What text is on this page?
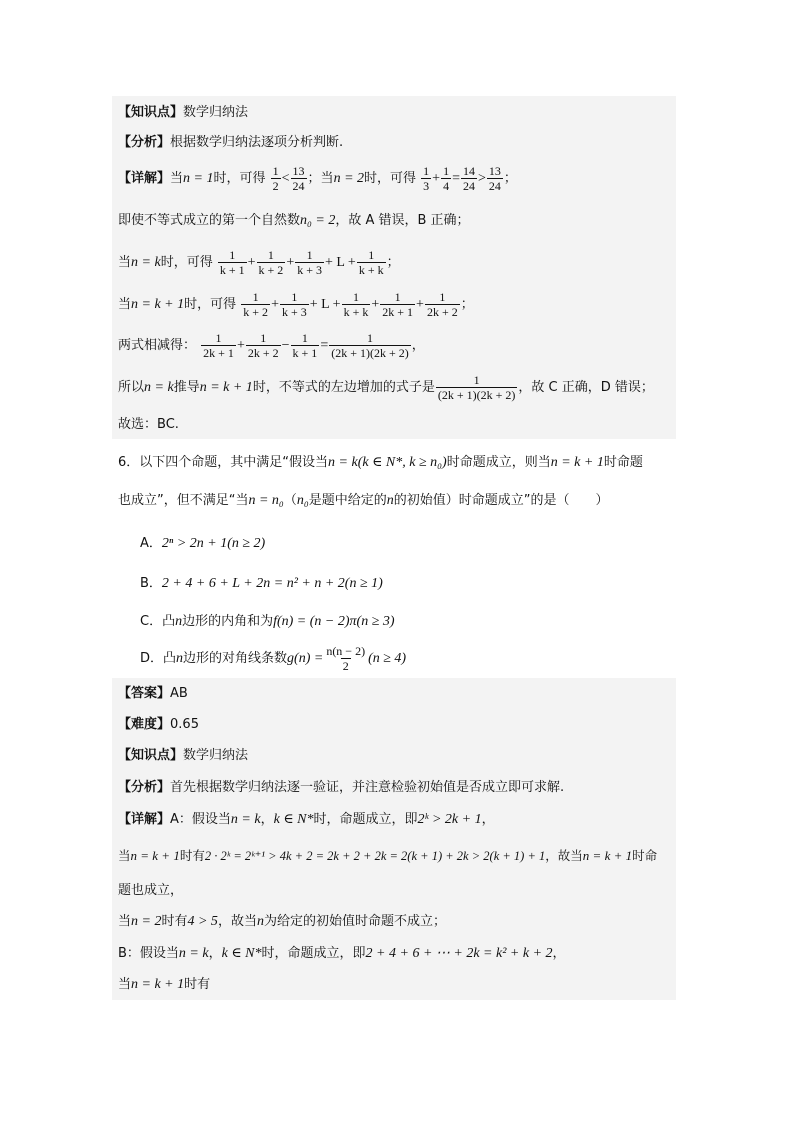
【知识点】数学归纳法
【分析】根据数学归纳法逐项分析判断.
【详解】当n = 1时，可得 $\frac{1}{2} < \frac{13}{24}$ ；当n = 2时，可得 $\frac{1}{3} + \frac{1}{4} = \frac{14}{24} > \frac{13}{24}$ ；
即使不等式成立的第一个自然数n₀ = 2，故 A 错误，B 正确；
当n = k时，可得 $\frac{1}{k + 1} + \frac{1}{k + 2} + \frac{1}{k + 3} + L + \frac{1}{k + k}$ ；
当n = k + 1时，可得 $\frac{1}{k + 2} + \frac{1}{k + 3} + L + \frac{1}{k + k} + \frac{1}{2k + 1} + \frac{1}{2k + 2}$ ；
两式相减得： $\frac{1}{2k + 1} + \frac{1}{2k + 2} - \frac{1}{k + 1} = \frac{1}{(2k + 1)(2k + 2)}$ ，
所以n = k推导n = k + 1时，不等式的左边增加的式子是 $\frac{1}{(2k + 1)(2k + 2)}$ ，故 C 正确，D 错误；
故选：BC.
6．以下四个命题，其中满足“假设当n = k(k ∈ N*, k ≥ n₀)时命题成立，则当n = k + 1时命题
也成立”，但不满足“当n = n₀（n₀是题中给定的n的初始值）时命题成立”的是（　　）
A．2ⁿ > 2n + 1(n ≥ 2)
B．2 + 4 + 6 + L + 2n = n² + n + 2(n ≥ 1)
C．凸n边形的内角和为f(n) = (n − 2)π(n ≥ 3)
D．凸n边形的对角线条数$g(n) = \frac{n(n - 2)}{2} (n \ge 4)$
【答案】AB
【难度】0.65
【知识点】数学归纳法
【分析】首先根据数学归纳法逐一验证，并注意检验初始值是否成立即可求解.
【详解】A：假设当n = k，k ∈ N*时，命题成立，即2ᵏ > 2k + 1，
当n = k + 1时有2 · 2ᵏ = 2ᵏ⁺¹ > 4k + 2 = 2k + 2 + 2k = 2(k + 1) + 2k > 2(k + 1) + 1，故当n = k + 1时命
题也成立，
当n = 2时有4 > 5，故当n为给定的初始值时命题不成立；
B：假设当n = k，k ∈ N*时，命题成立，即2 + 4 + 6 + ⋯ + 2k = k² + k + 2，
当n = k + 1时有
